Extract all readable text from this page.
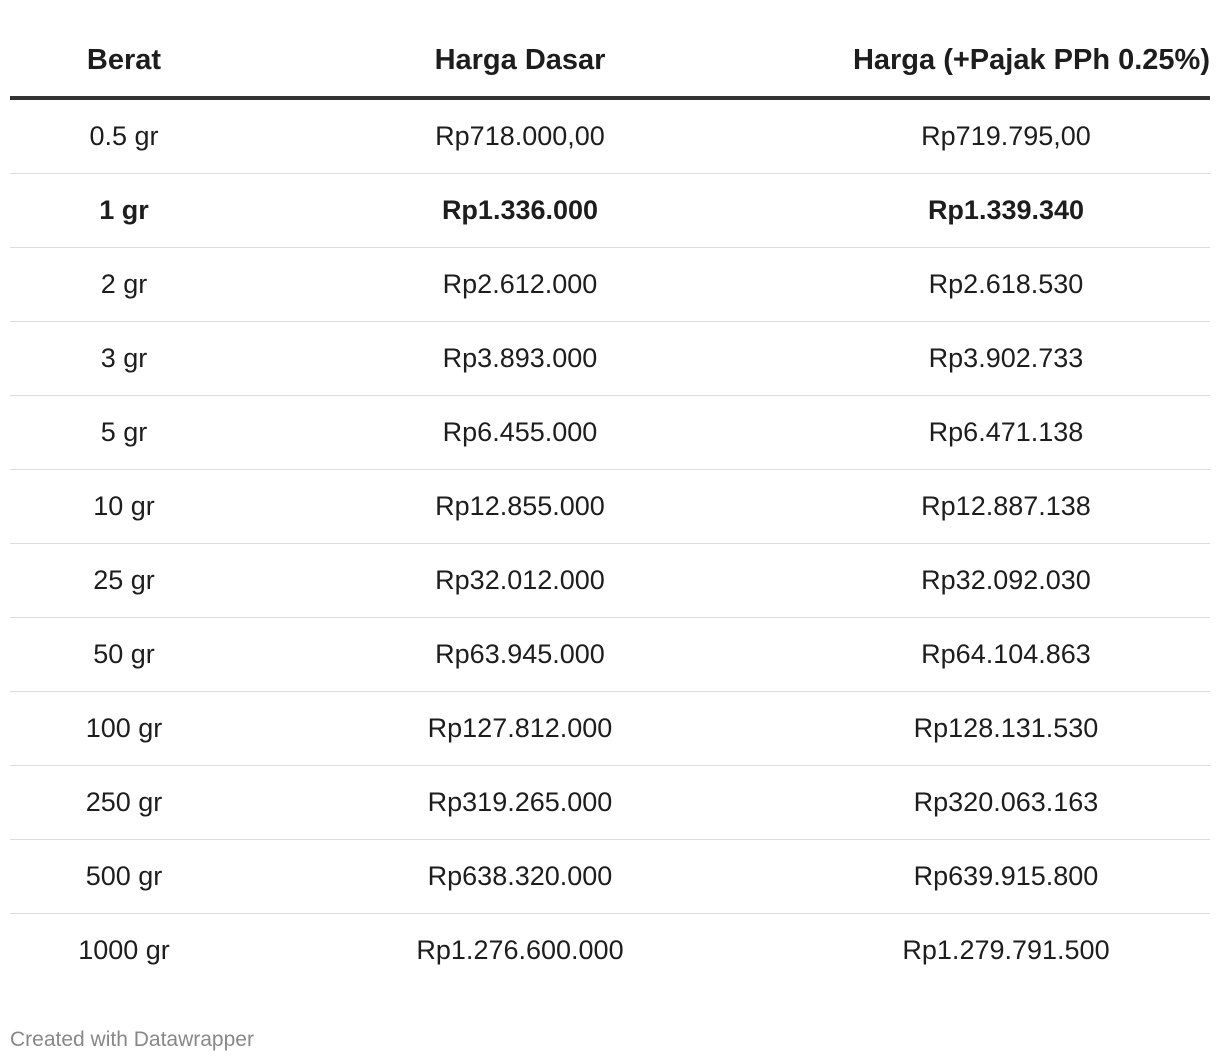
Berat	Harga Dasar	Harga (+Pajak PPh 0.25%)
0.5 gr	Rp718.000,00	Rp719.795,00
1 gr	Rp1.336.000	Rp1.339.340
2 gr	Rp2.612.000	Rp2.618.530
3 gr	Rp3.893.000	Rp3.902.733
5 gr	Rp6.455.000	Rp6.471.138
10 gr	Rp12.855.000	Rp12.887.138
25 gr	Rp32.012.000	Rp32.092.030
50 gr	Rp63.945.000	Rp64.104.863
100 gr	Rp127.812.000	Rp128.131.530
250 gr	Rp319.265.000	Rp320.063.163
500 gr	Rp638.320.000	Rp639.915.800
1000 gr	Rp1.276.600.000	Rp1.279.791.500
Created with Datawrapper
